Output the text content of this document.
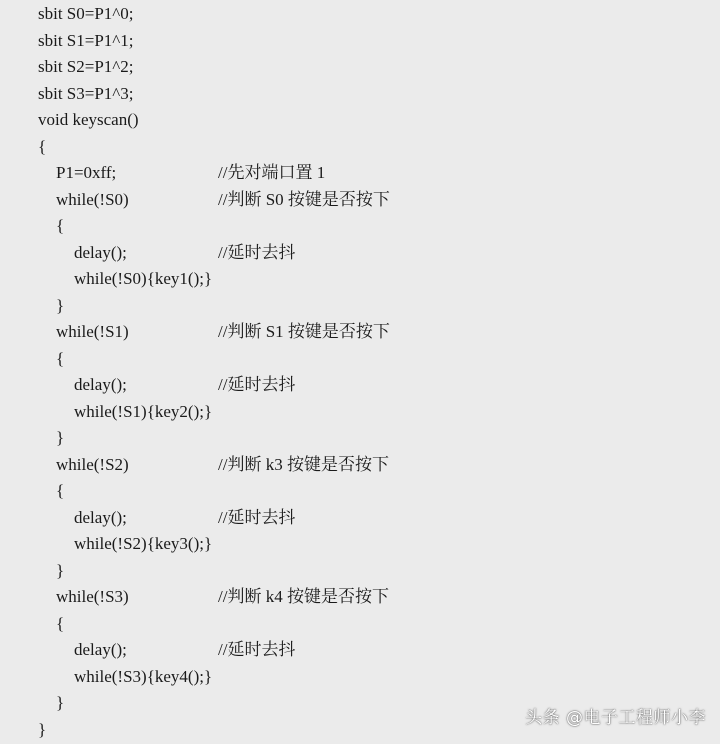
sbit S0=P1^0;
sbit S1=P1^1;
sbit S2=P1^2;
sbit S3=P1^3;
void keyscan()
{
P1=0xff;	//先对端口置 1
while(!S0)	//判断 S0 按键是否按下
{
delay();	//延时去抖
while(!S0){key1();}
}
while(!S1)	//判断 S1 按键是否按下
{
delay();	//延时去抖
while(!S1){key2();}
}
while(!S2)	//判断 k3 按键是否按下
{
delay();	//延时去抖
while(!S2){key3();}
}
while(!S3)	//判断 k4 按键是否按下
{
delay();	//延时去抖
while(!S3){key4();}
}
}
头条 @电子工程师小李
